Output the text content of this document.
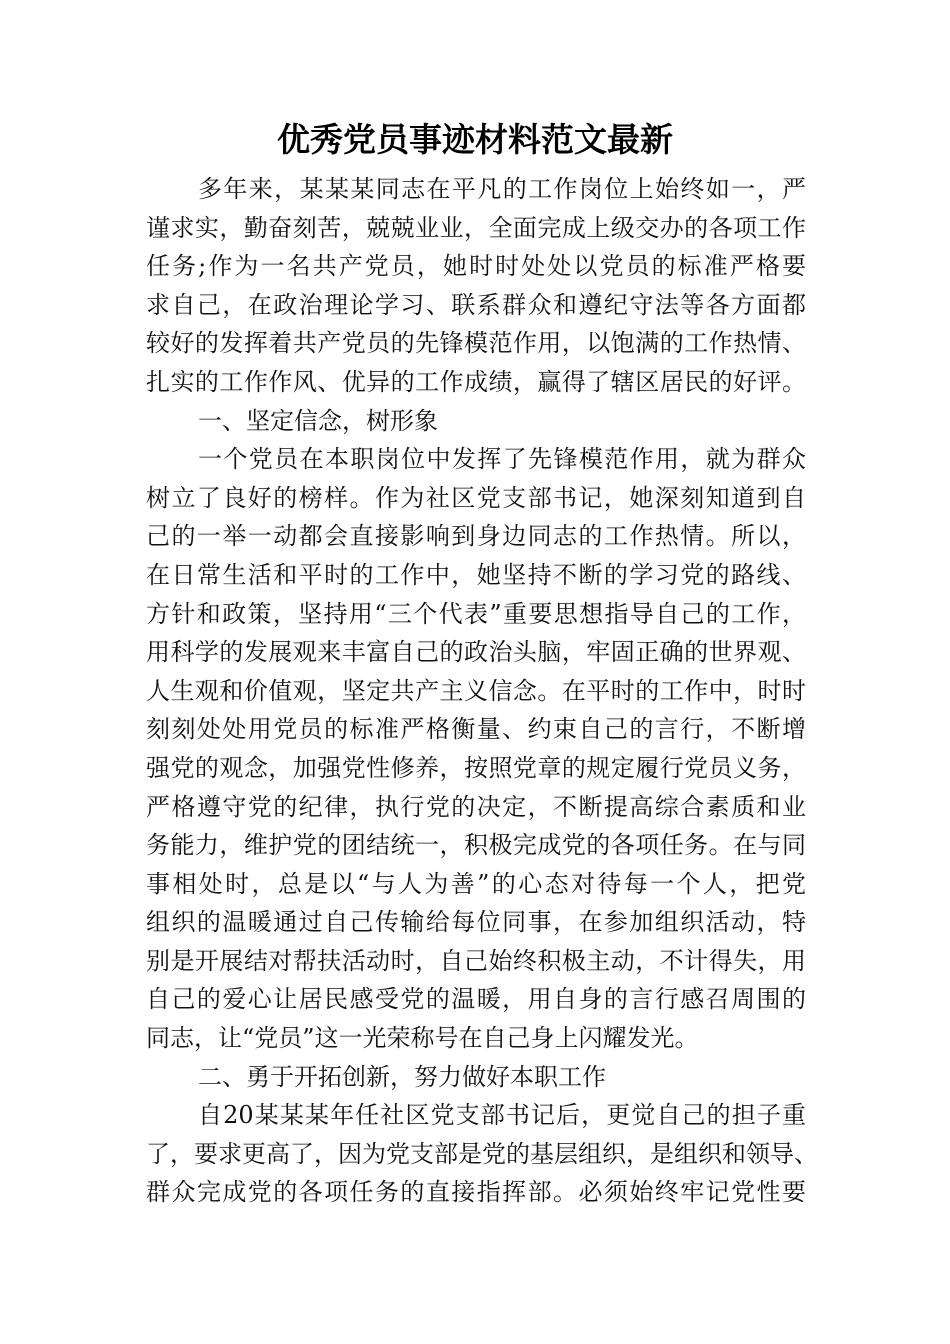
优秀党员事迹材料范文最新
多年来，某某某同志在平凡的工作岗位上始终如一，严
谨求实，勤奋刻苦，兢兢业业，全面完成上级交办的各项工作
任务;作为一名共产党员，她时时处处以党员的标准严格要
求自己，在政治理论学习、联系群众和遵纪守法等各方面都
较好的发挥着共产党员的先锋模范作用，以饱满的工作热情、
扎实的工作作风、优异的工作成绩，赢得了辖区居民的好评。
一、坚定信念，树形象
一个党员在本职岗位中发挥了先锋模范作用，就为群众
树立了良好的榜样。作为社区党支部书记，她深刻知道到自
己的一举一动都会直接影响到身边同志的工作热情。所以，
在日常生活和平时的工作中，她坚持不断的学习党的路线、
方针和政策，坚持用“三个代表”重要思想指导自己的工作，
用科学的发展观来丰富自己的政治头脑，牢固正确的世界观、
人生观和价值观，坚定共产主义信念。在平时的工作中，时时
刻刻处处用党员的标准严格衡量、约束自己的言行，不断增
强党的观念，加强党性修养，按照党章的规定履行党员义务，
严格遵守党的纪律，执行党的决定，不断提高综合素质和业
务能力，维护党的团结统一，积极完成党的各项任务。在与同
事相处时，总是以“与人为善”的心态对待每一个人，把党
组织的温暖通过自己传输给每位同事，在参加组织活动，特
别是开展结对帮扶活动时，自己始终积极主动，不计得失，用
自己的爱心让居民感受党的温暖，用自身的言行感召周围的
同志，让“党员”这一光荣称号在自己身上闪耀发光。
二、勇于开拓创新，努力做好本职工作
自20某某某年任社区党支部书记后，更觉自己的担子重
了，要求更高了，因为党支部是党的基层组织，是组织和领导、
群众完成党的各项任务的直接指挥部。必须始终牢记党性要
